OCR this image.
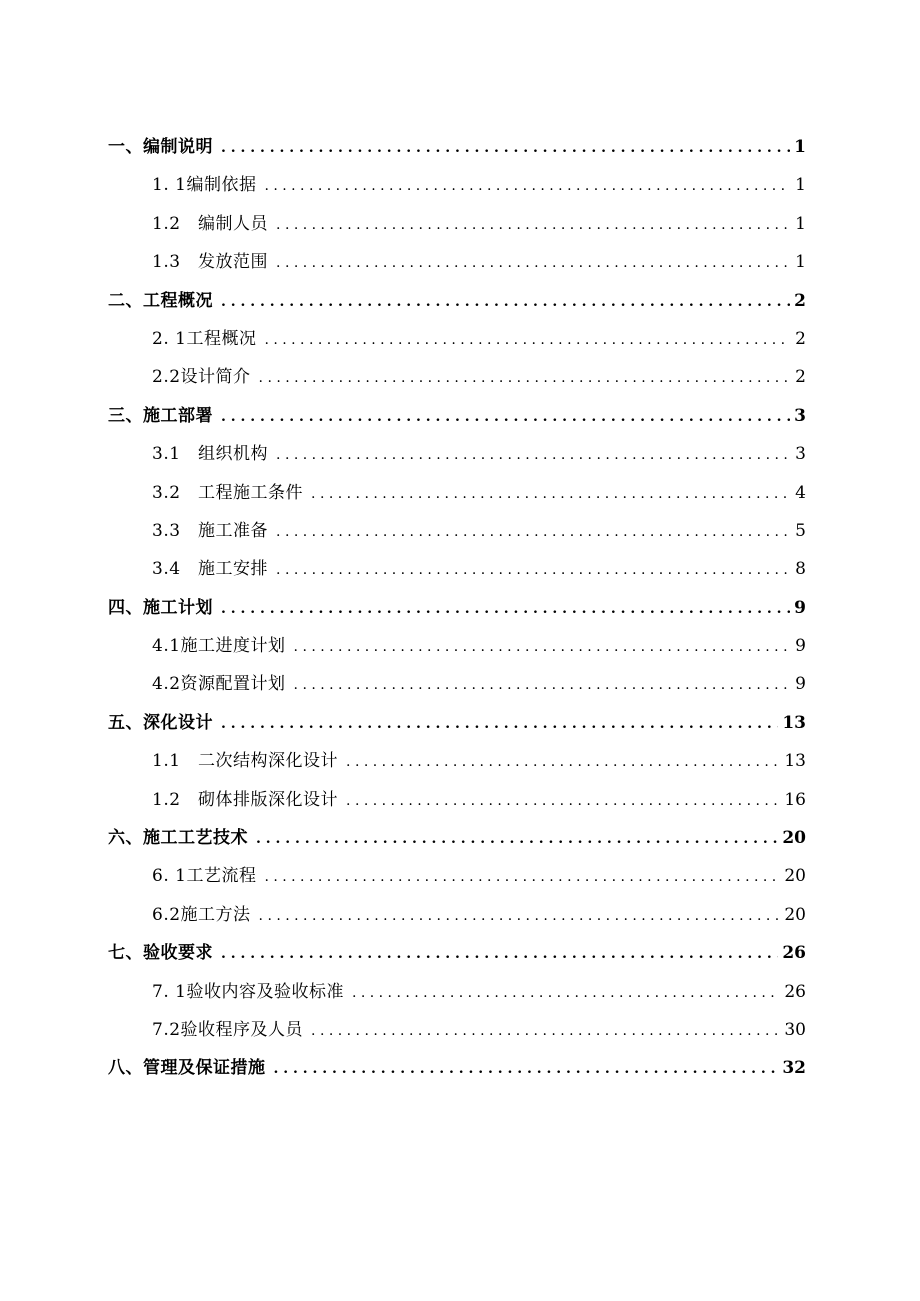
一、编制说明 . . .	1
1. 1编制依据 . . .	1
1.2　编制人员 . . .	1
1.3　发放范围 . . .	1
二、工程概况 . . .	2
2. 1工程概况 . . .	2
2.2设计简介 . . .	2
三、施工部署 . . .	3
3.1　组织机构 . . .	3
3.2　工程施工条件 . . .	4
3.3　施工准备 . . .	5
3.4　施工安排 . . .	8
四、施工计划 . . .	9
4.1施工进度计划 . . .	9
4.2资源配置计划 . . .	9
五、深化设计 . . .	13
1.1　二次结构深化设计 . . .	13
1.2　砌体排版深化设计 . . .	16
六、施工工艺技术 . . .	20
6. 1工艺流程 . . .	20
6.2施工方法 . . .	20
七、验收要求 . . .	26
7. 1验收内容及验收标准 . . .	26
7.2验收程序及人员 . . .	30
八、管理及保证措施 . . .	32
